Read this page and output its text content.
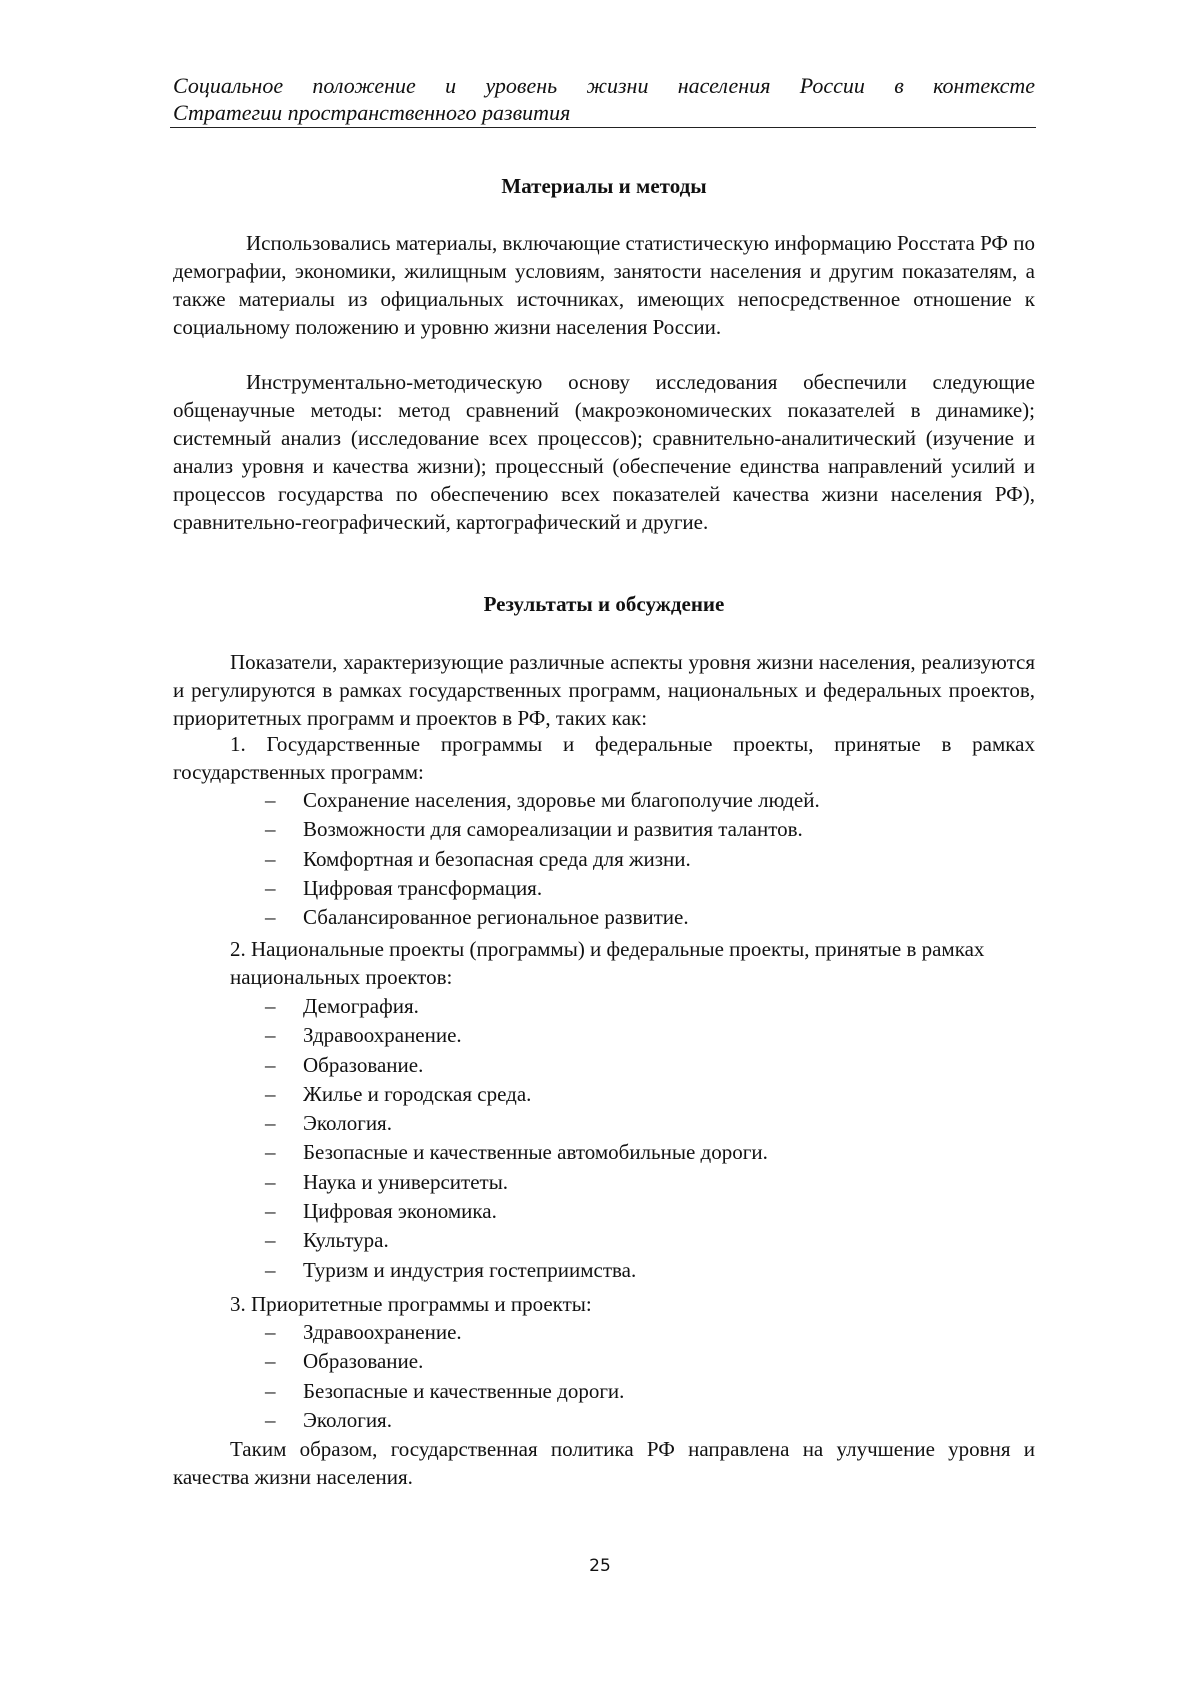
Социальное положение и уровень жизни населения России в контексте
Стратегии пространственного развития
Материалы и методы

Использовались материалы, включающие статистическую информацию Росстата РФ по демографии, экономики, жилищным условиям, занятости населения и другим показателям, а также материалы из официальных источниках, имеющих непосредственное отношение к социальному положению и уровню жизни населения России.

Инструментально-методическую основу исследования обеспечили следующие общенаучные методы: метод сравнений (макроэкономических показателей в динамике); системный анализ (исследование всех процессов); сравнительно-аналитический (изучение и анализ уровня и качества жизни); процессный (обеспечение единства направлений усилий и процессов государства по обеспечению всех показателей качества жизни населения РФ), сравнительно-географический, картографический и другие.

Результаты и обсуждение

Показатели, характеризующие различные аспекты уровня жизни населения, реализуются и регулируются в рамках государственных программ, национальных и федеральных проектов, приоритетных программ и проектов в РФ, таких как:

1. Государственные программы и федеральные проекты, принятые в рамках государственных программ:
–	Сохранение населения, здоровье ми благополучие людей.
–	Возможности для самореализации и развития талантов.
–	Комфортная и безопасная среда для жизни.
–	Цифровая трансформация.
–	Сбалансированное региональное развитие.
2. Национальные проекты (программы) и федеральные проекты, принятые в рамках национальных проектов:
–	Демография.
–	Здравоохранение.
–	Образование.
–	Жилье и городская среда.
–	Экология.
–	Безопасные и качественные автомобильные дороги.
–	Наука и университеты.
–	Цифровая экономика.
–	Культура.
–	Туризм и индустрия гостеприимства.
3. Приоритетные программы и проекты:
–	Здравоохранение.
–	Образование.
–	Безопасные и качественные дороги.
–	Экология.

Таким образом, государственная политика РФ направлена на улучшение уровня и качества жизни населения.

25
